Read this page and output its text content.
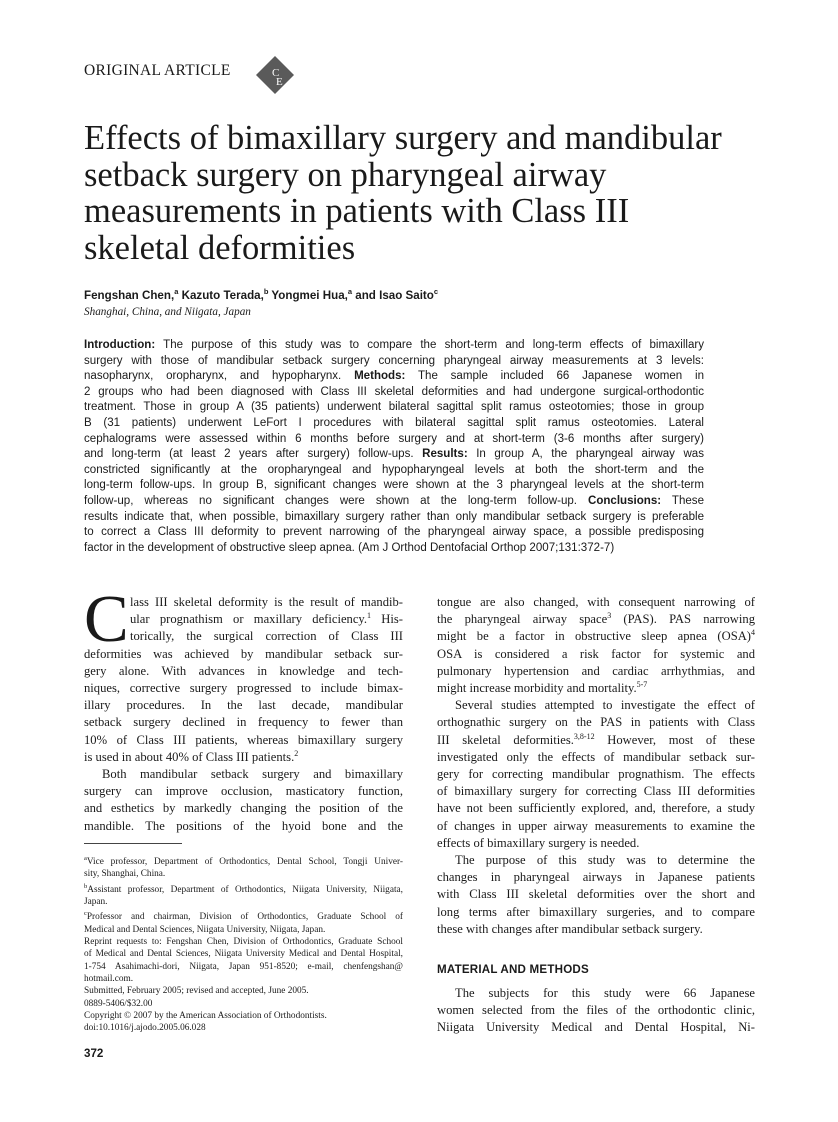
ORIGINAL ARTICLE	C
E
Effects of bimaxillary surgery and mandibular
setback surgery on pharyngeal airway
measurements in patients with Class III
skeletal deformities
Fengshan Chen,$^a$ Kazuto Terada,$^b$ Yongmei Hua,$^a$ and Isao Saito$^c$
Shanghai, China, and Niigata, Japan
Introduction: The purpose of this study was to compare the short-term and long-term effects of bimaxillary
surgery with those of mandibular setback surgery concerning pharyngeal airway measurements at 3 levels:
nasopharynx, oropharynx, and hypopharynx. Methods: The sample included 66 Japanese women in
2 groups who had been diagnosed with Class III skeletal deformities and had undergone surgical-orthodontic
treatment. Those in group A (35 patients) underwent bilateral sagittal split ramus osteotomies; those in group
B (31 patients) underwent LeFort I procedures with bilateral sagittal split ramus osteotomies. Lateral
cephalograms were assessed within 6 months before surgery and at short-term (3-6 months after surgery)
and long-term (at least 2 years after surgery) follow-ups. Results: In group A, the pharyngeal airway was
constricted significantly at the oropharyngeal and hypopharyngeal levels at both the short-term and the
long-term follow-ups. In group B, significant changes were shown at the 3 pharyngeal levels at the short-term
follow-up, whereas no significant changes were shown at the long-term follow-up. Conclusions: These
results indicate that, when possible, bimaxillary surgery rather than only mandibular setback surgery is preferable
to correct a Class III deformity to prevent narrowing of the pharyngeal airway space, a possible predisposing
factor in the development of obstructive sleep apnea. (Am J Orthod Dentofacial Orthop 2007;131:372-7)
C lass III skeletal deformity is the result of mandib-
ular prognathism or maxillary deficiency.$^1$ His-
torically, the surgical correction of Class III
deformities was achieved by mandibular setback sur-
gery alone. With advances in knowledge and tech-
niques, corrective surgery progressed to include bimax-
illary procedures. In the last decade, mandibular
setback surgery declined in frequency to fewer than
10% of Class III patients, whereas bimaxillary surgery
is used in about 40% of Class III patients.$^2$
Both mandibular setback surgery and bimaxillary
surgery can improve occlusion, masticatory function,
and esthetics by markedly changing the position of the
mandible. The positions of the hyoid bone and the
tongue are also changed, with consequent narrowing of
the pharyngeal airway space$^3$ (PAS). PAS narrowing
might be a factor in obstructive sleep apnea (OSA)$^4$
OSA is considered a risk factor for systemic and
pulmonary hypertension and cardiac arrhythmias, and
might increase morbidity and mortality.$^{5-7}$
Several studies attempted to investigate the effect of
orthognathic surgery on the PAS in patients with Class
III skeletal deformities.$^{3,8-12}$ However, most of these
investigated only the effects of mandibular setback sur-
gery for correcting mandibular prognathism. The effects
of bimaxillary surgery for correcting Class III deformities
have not been sufficiently explored, and, therefore, a study
of changes in upper airway measurements to examine the
effects of bimaxillary surgery is needed.
The purpose of this study was to determine the
changes in pharyngeal airways in Japanese patients
with Class III skeletal deformities over the short and
long terms after bimaxillary surgeries, and to compare
these with changes after mandibular setback surgery.
$^a$Vice professor, Department of Orthodontics, Dental School, Tongji Univer-
sity, Shanghai, China.
$^b$Assistant professor, Department of Orthodontics, Niigata University, Niigata,
Japan.
$^c$Professor and chairman, Division of Orthodontics, Graduate School of
Medical and Dental Sciences, Niigata University, Niigata, Japan.
Reprint requests to: Fengshan Chen, Division of Orthodontics, Graduate School
of Medical and Dental Sciences, Niigata University Medical and Dental Hospital,
1-754 Asahimachi-dori, Niigata, Japan 951-8520; e-mail, chenfengshan@
hotmail.com.
Submitted, February 2005; revised and accepted, June 2005.
0889-5406/$32.00
Copyright © 2007 by the American Association of Orthodontists.
doi:10.1016/j.ajodo.2005.06.028
MATERIAL AND METHODS
The subjects for this study were 66 Japanese
women selected from the files of the orthodontic clinic,
Niigata University Medical and Dental Hospital, Ni-
372
